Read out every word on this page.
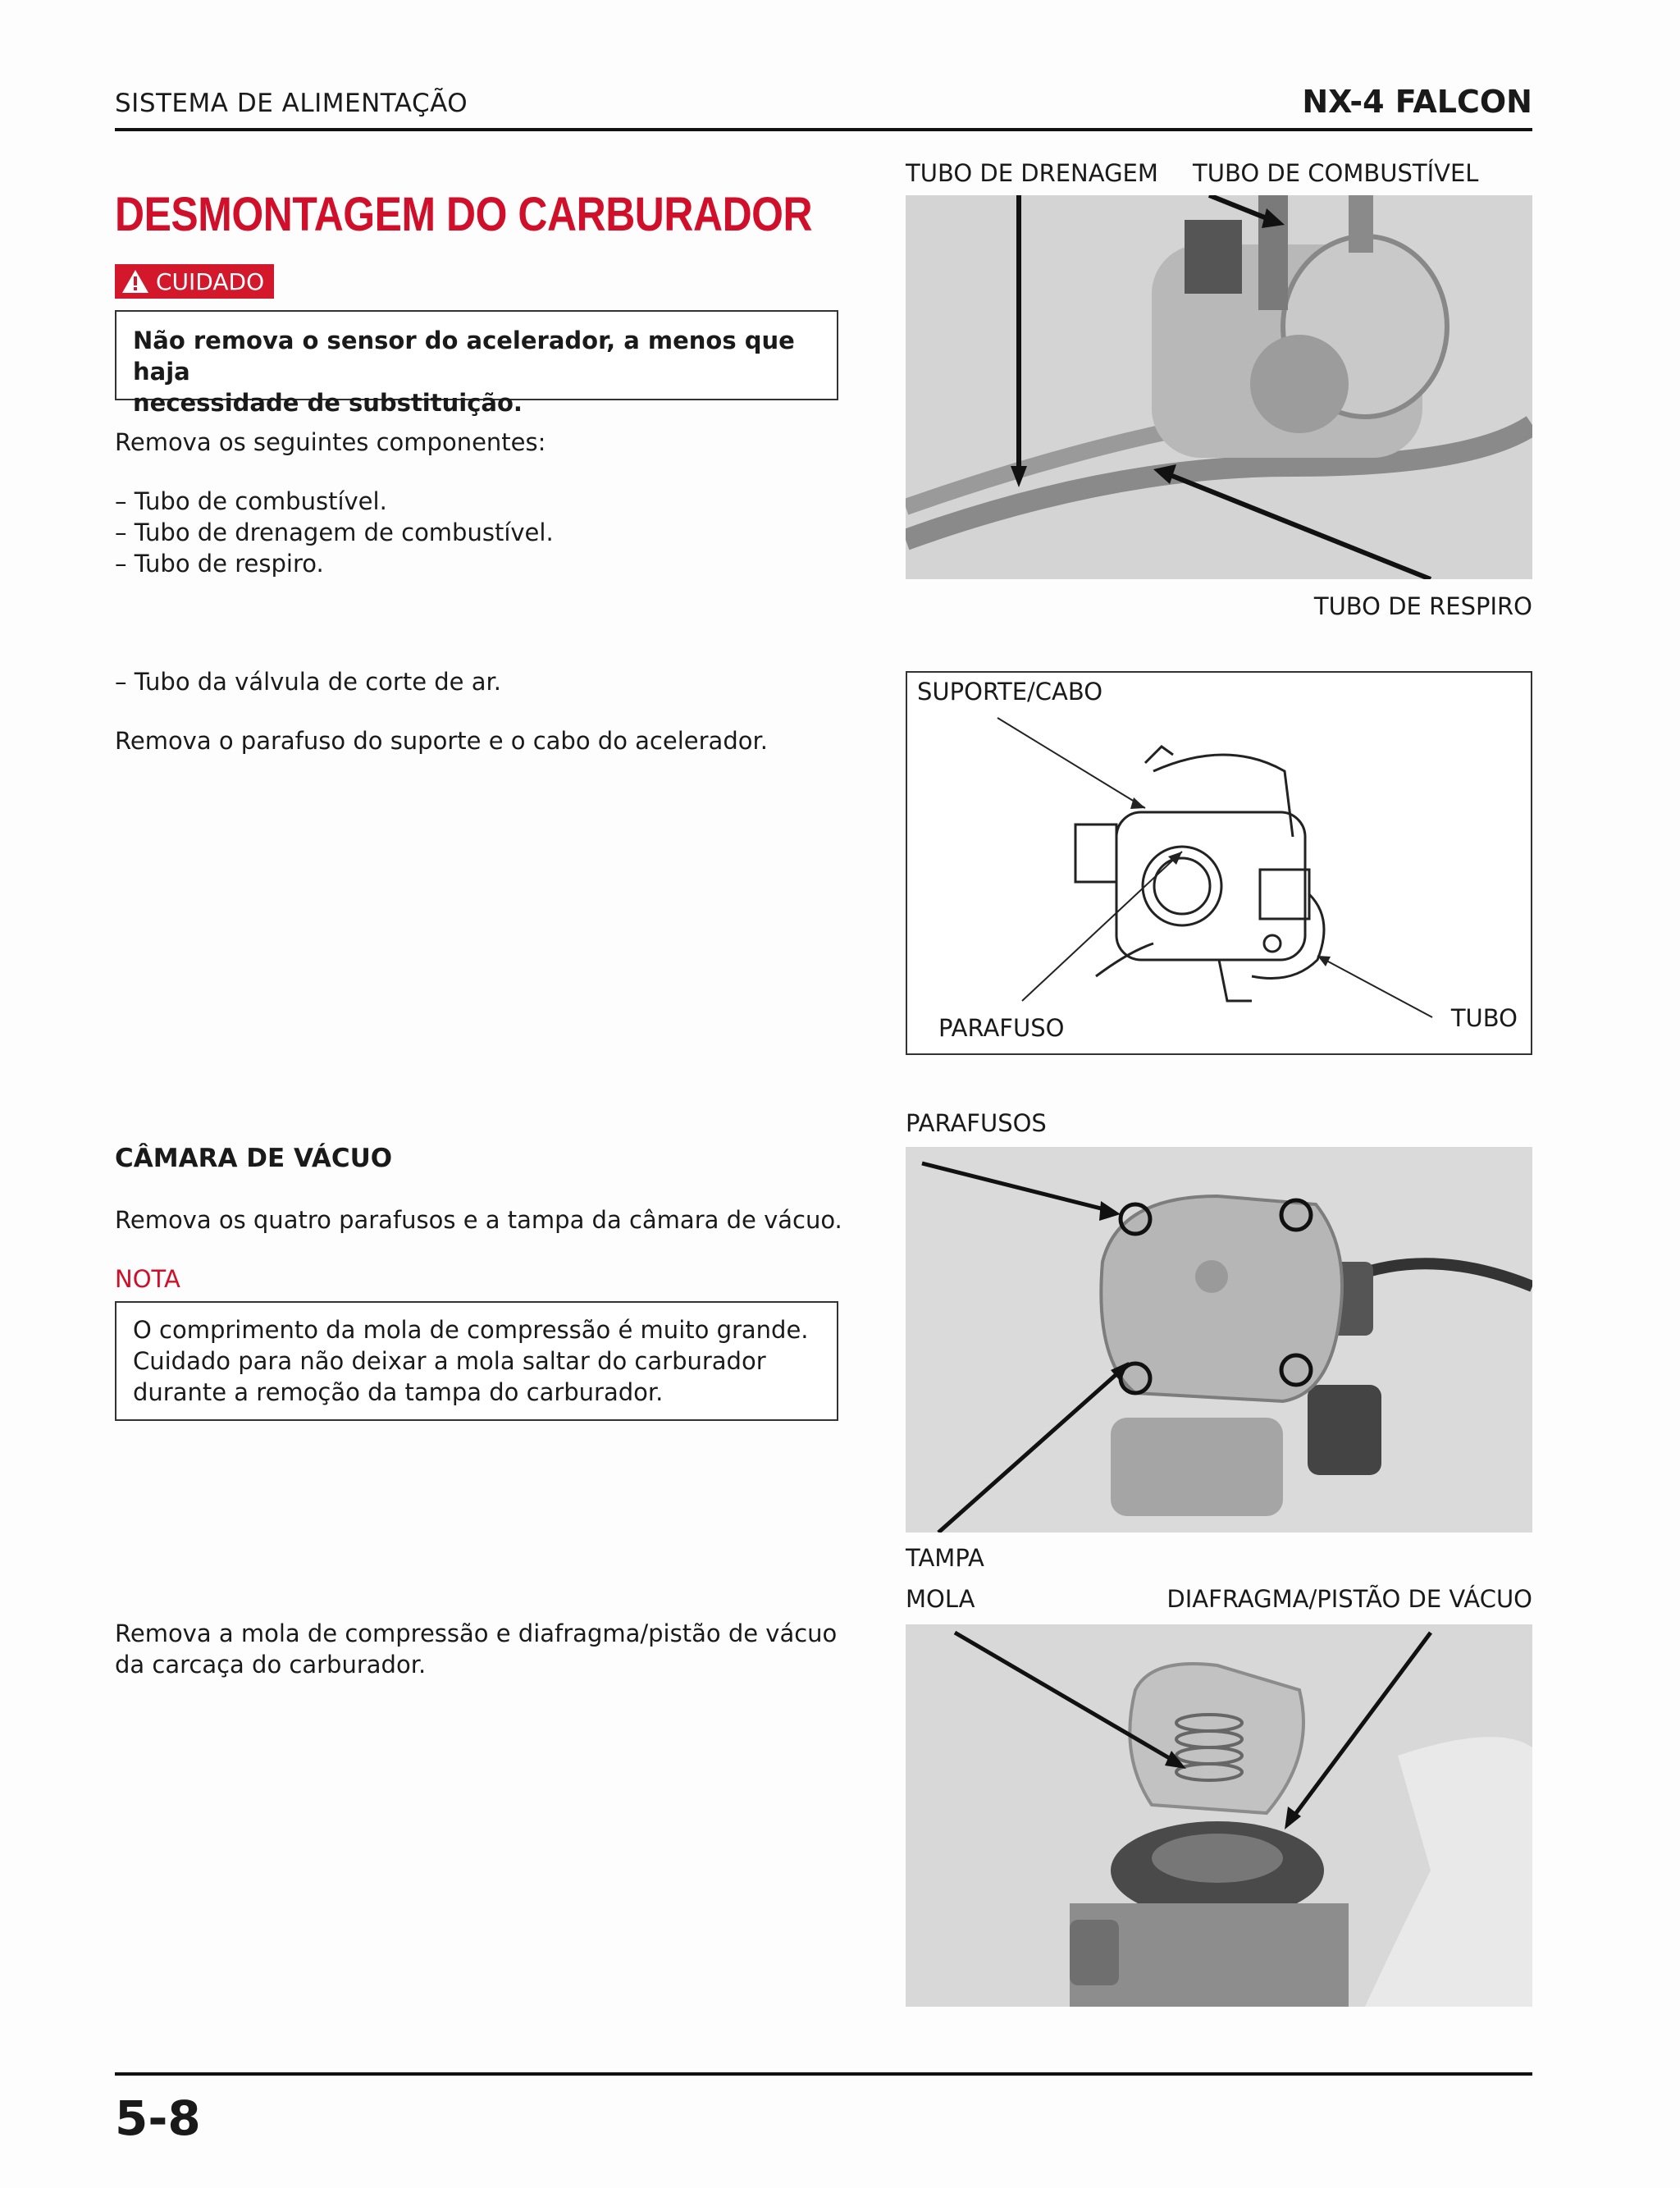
SISTEMA DE ALIMENTAÇÃO	NX-4 FALCON
DESMONTAGEM DO CARBURADOR
CUIDADO
Não remova o sensor do acelerador, a menos que haja
necessidade de substituição.
Remova os seguintes componentes:
– Tubo de combustível.
– Tubo de drenagem de combustível.
– Tubo de respiro.
– Tubo da válvula de corte de ar.
Remova o parafuso do suporte e o cabo do acelerador.
CÂMARA DE VÁCUO
Remova os quatro parafusos e a tampa da câmara de vácuo.
NOTA
O comprimento da mola de compressão é muito grande.
Cuidado para não deixar a mola saltar do carburador
durante a remoção da tampa do carburador.
Remova a mola de compressão e diafragma/pistão de vácuo
da carcaça do carburador.
TUBO DE DRENAGEM TUBO DE COMBUSTÍVEL
TUBO DE RESPIRO
SUPORTE/CABO
PARAFUSO	TUBO
PARAFUSOS
TAMPA
MOLA	DIAFRAGMA/PISTÃO DE VÁCUO
5-8
